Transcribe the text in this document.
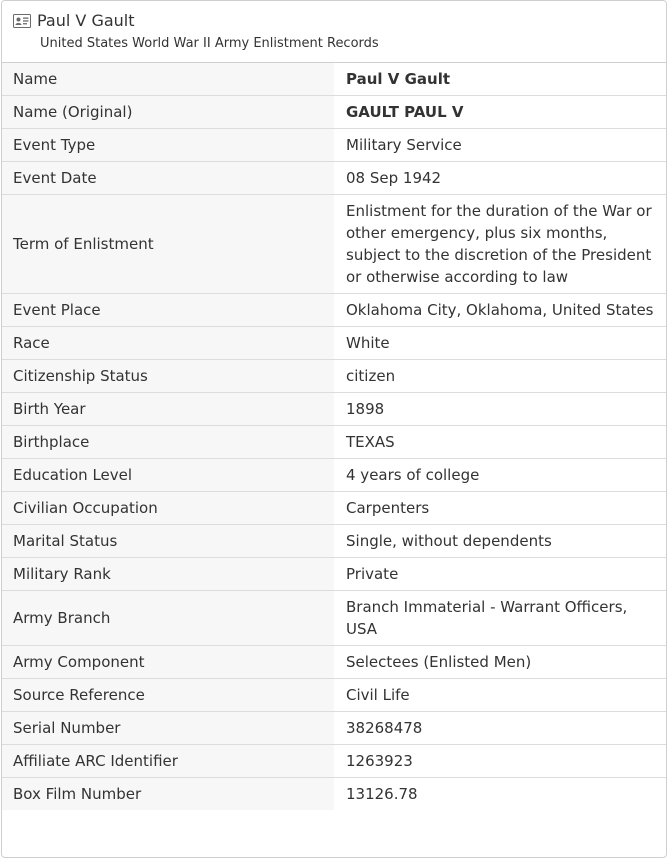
Paul V Gault
United States World War II Army Enlistment Records
Name	Paul V Gault
Name (Original)	GAULT PAUL V
Event Type	Military Service
Event Date	08 Sep 1942
Term of Enlistment	Enlistment for the duration of the War or other emergency, plus six months, subject to the discretion of the President or otherwise according to law
Event Place	Oklahoma City, Oklahoma, United States
Race	White
Citizenship Status	citizen
Birth Year	1898
Birthplace	TEXAS
Education Level	4 years of college
Civilian Occupation	Carpenters
Marital Status	Single, without dependents
Military Rank	Private
Army Branch	Branch Immaterial - Warrant Officers, USA
Army Component	Selectees (Enlisted Men)
Source Reference	Civil Life
Serial Number	38268478
Affiliate ARC Identifier	1263923
Box Film Number	13126.78
